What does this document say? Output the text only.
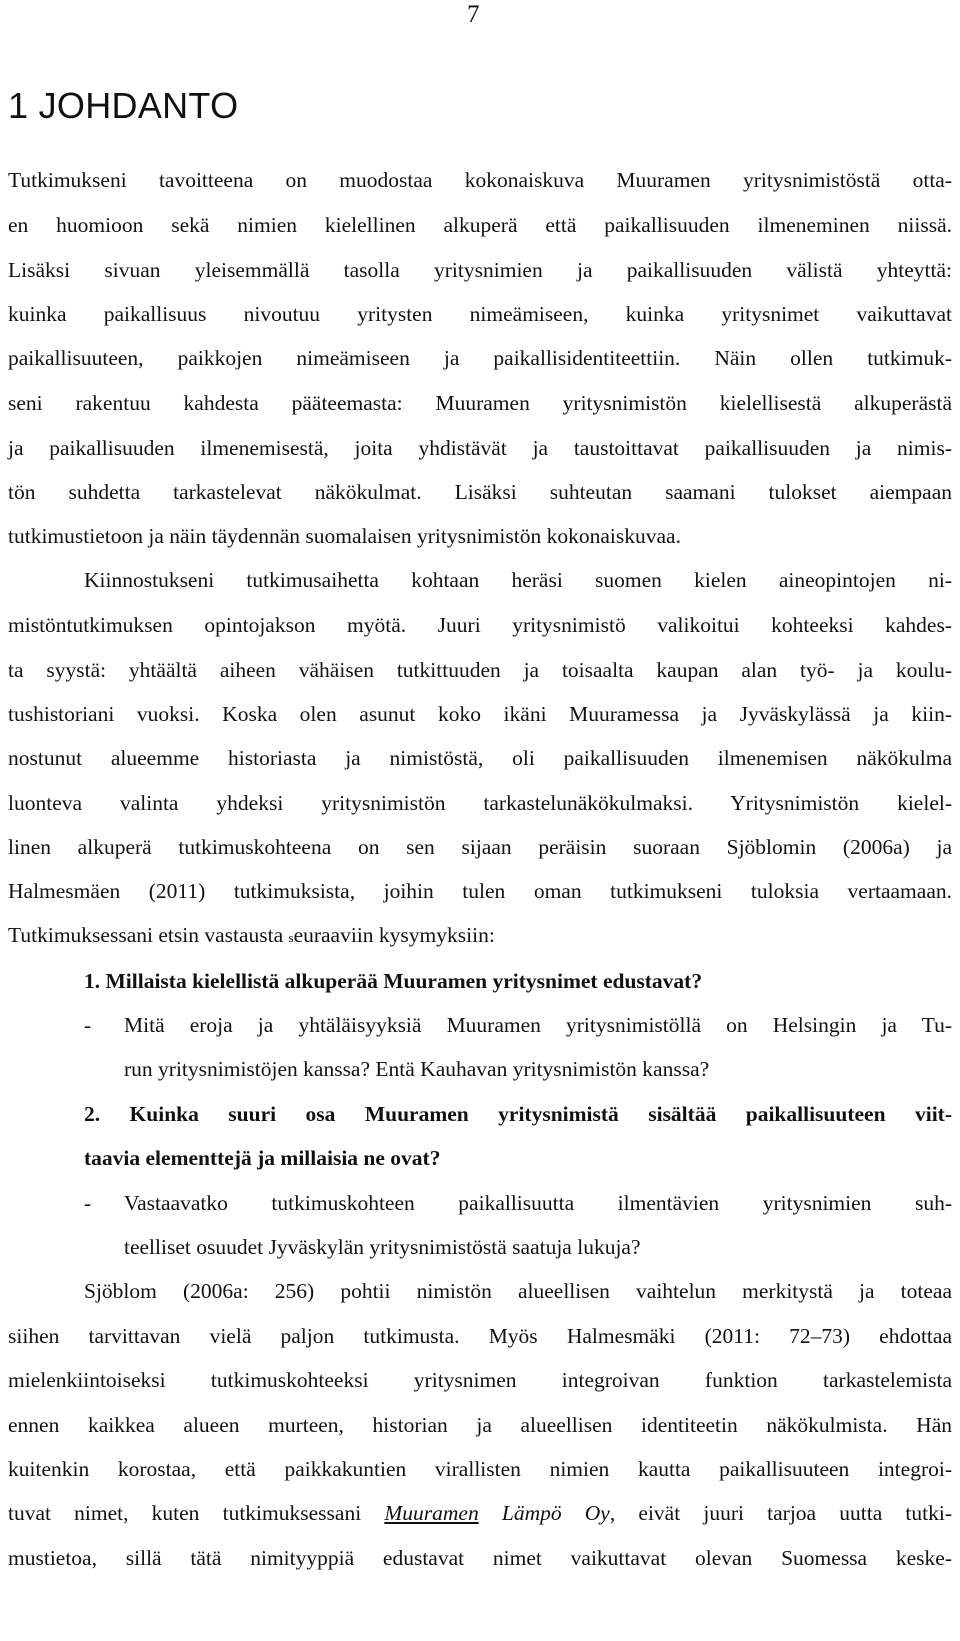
7
1 JOHDANTO
Tutkimukseni tavoitteena on muodostaa kokonaiskuva Muuramen yritysnimistöstä otta-
en huomioon sekä nimien kielellinen alkuperä että paikallisuuden ilmeneminen niissä.
Lisäksi sivuan yleisemmällä tasolla yritysnimien ja paikallisuuden välistä yhteyttä:
kuinka paikallisuus nivoutuu yritysten nimeämiseen, kuinka yritysnimet vaikuttavat
paikallisuuteen, paikkojen nimeämiseen ja paikallisidentiteettiin. Näin ollen tutkimuk-
seni rakentuu kahdesta pääteemasta: Muuramen yritysnimistön kielellisestä alkuperästä
ja paikallisuuden ilmenemisestä, joita yhdistävät ja taustoittavat paikallisuuden ja nimis-
tön suhdetta tarkastelevat näkökulmat. Lisäksi suhteutan saamani tulokset aiempaan
tutkimustietoon ja näin täydennän suomalaisen yritysnimistön kokonaiskuvaa.
Kiinnostukseni tutkimusaihetta kohtaan heräsi suomen kielen aineopintojen ni-
mistöntutkimuksen opintojakson myötä. Juuri yritysnimistö valikoitui kohteeksi kahdes-
ta syystä: yhtäältä aiheen vähäisen tutkittuuden ja toisaalta kaupan alan työ- ja koulu-
tushistoriani vuoksi. Koska olen asunut koko ikäni Muuramessa ja Jyväskylässä ja kiin-
nostunut alueemme historiasta ja nimistöstä, oli paikallisuuden ilmenemisen näkökulma
luonteva valinta yhdeksi yritysnimistön tarkastelunäkökulmaksi. Yritysnimistön kielel-
linen alkuperä tutkimuskohteena on sen sijaan peräisin suoraan Sjöblomin (2006a) ja
Halmesmäen (2011) tutkimuksista, joihin tulen oman tutkimukseni tuloksia vertaamaan.
Tutkimuksessani etsin vastausta seuraaviin kysymyksiin:
1. Millaista kielellistä alkuperää Muuramen yritysnimet edustavat?
- Mitä eroja ja yhtäläisyyksiä Muuramen yritysnimistöllä on Helsingin ja Tu-
run yritysnimistöjen kanssa? Entä Kauhavan yritysnimistön kanssa?
2. Kuinka suuri osa Muuramen yritysnimistä sisältää paikallisuuteen viit-
taavia elementtejä ja millaisia ne ovat?
- Vastaavatko tutkimuskohteen paikallisuutta ilmentävien yritysnimien suh-
teelliset osuudet Jyväskylän yritysnimistöstä saatuja lukuja?
Sjöblom (2006a: 256) pohtii nimistön alueellisen vaihtelun merkitystä ja toteaa
siihen tarvittavan vielä paljon tutkimusta. Myös Halmesmäki (2011: 72–73) ehdottaa
mielenkiintoiseksi tutkimuskohteeksi yritysnimen integroivan funktion tarkastelemista
ennen kaikkea alueen murteen, historian ja alueellisen identiteetin näkökulmista. Hän
kuitenkin korostaa, että paikkakuntien virallisten nimien kautta paikallisuuteen integroi-
tuvat nimet, kuten tutkimuksessani Muuramen Lämpö Oy, eivät juuri tarjoa uutta tutki-
mustietoa, sillä tätä nimityyppiä edustavat nimet vaikuttavat olevan Suomessa keske-
